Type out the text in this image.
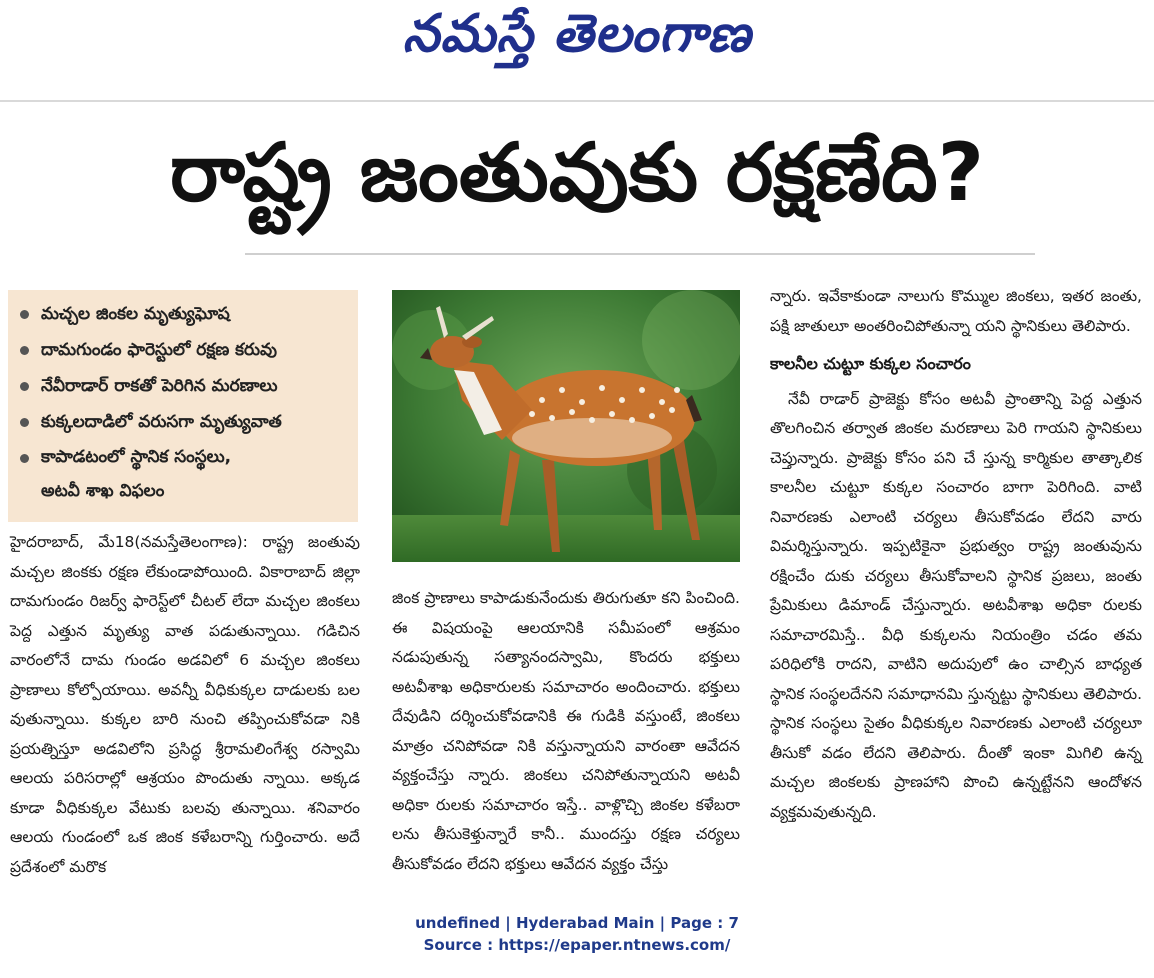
నమస్తే తెలంగాణ
రాష్ట్ర జంతువుకు రక్షణేది?
మచ్చల జింకల మృత్యుఘోష
దామగుండం ఫారెస్టులో రక్షణ కరువు
నేవీరాడార్ రాకతో పెరిగిన మరణాలు
కుక్కలదాడిలో వరుసగా మృత్యువాత
కాపాడటంలో స్థానిక సంస్థలు,
అటవీ శాఖ విఫలం

హైదరాబాద్, మే18(నమస్తేతెలంగాణ): రాష్ట్ర జంతువు మచ్చల జింకకు రక్షణ లేకుండాపోయింది. వికారాబాద్ జిల్లా దామగుండం రిజర్వ్ ఫారెస్ట్‌లో చీటల్ లేదా మచ్చల జింకలు పెద్ద ఎత్తున మృత్యు వాత పడుతున్నాయి. గడిచిన వారంలోనే దామ గుండం అడవిలో 6 మచ్చల జింకలు ప్రాణాలు కోల్పోయాయి. అవన్నీ వీధికుక్కల దాడులకు బల వుతున్నాయి. కుక్కల బారి నుంచి తప్పించుకోవడా నికి ప్రయత్నిస్తూ అడవిలోని ప్రసిద్ధ శ్రీరామలింగేశ్వ రస్వామి ఆలయ పరిసరాల్లో ఆశ్రయం పొందుతు న్నాయి. అక్కడ కూడా వీధికుక్కల వేటుకు బలవు తున్నాయి. శనివారం ఆలయ గుండంలో ఒక జింక కళేబరాన్ని గుర్తించారు. అదే ప్రదేశంలో మరొక

జింక ప్రాణాలు కాపాడుకునేందుకు తిరుగుతూ కని పించింది. ఈ విషయంపై ఆలయానికి సమీపంలో ఆశ్రమం నడుపుతున్న సత్యానందస్వామి, కొందరు భక్తులు అటవీశాఖ అధికారులకు సమాచారం అందించారు. భక్తులు దేవుడిని దర్శించుకోవడానికి ఈ గుడికి వస్తుంటే, జింకలు మాత్రం చనిపోవడా నికి వస్తున్నాయని వారంతా ఆవేదన వ్యక్తంచేస్తు న్నారు. జింకలు చనిపోతున్నాయని అటవీ అధికా రులకు సమాచారం ఇస్తే.. వాళ్లొచ్చి జింకల కళేబరా లను తీసుకెళ్తున్నారే కానీ.. ముందస్తు రక్షణ చర్యలు తీసుకోవడం లేదని భక్తులు ఆవేదన వ్యక్తం చేస్తు

న్నారు. ఇవేకాకుండా నాలుగు కొమ్ముల జింకలు, ఇతర జంతు, పక్షి జాతులూ అంతరించిపోతున్నా యని స్థానికులు తెలిపారు.

కాలనీల చుట్టూ కుక్కల సంచారం

నేవీ రాడార్ ప్రాజెక్టు కోసం అటవీ ప్రాంతాన్ని పెద్ద ఎత్తున తొలగించిన తర్వాత జింకల మరణాలు పెరి గాయని స్థానికులు చెప్తున్నారు. ప్రాజెక్టు కోసం పని చే స్తున్న కార్మికుల తాత్కాలిక కాలనీల చుట్టూ కుక్కల సంచారం బాగా పెరిగింది. వాటి నివారణకు ఎలాంటి చర్యలు తీసుకోవడం లేదని వారు విమర్శిస్తున్నారు. ఇప్పటికైనా ప్రభుత్వం రాష్ట్ర జంతువును రక్షించేం దుకు చర్యలు తీసుకోవాలని స్థానిక ప్రజలు, జంతు ప్రేమికులు డిమాండ్ చేస్తున్నారు. అటవీశాఖ అధికా రులకు సమాచారమిస్తే.. వీధి కుక్కలను నియంత్రిం చడం తమ పరిధిలోకి రాదని, వాటిని అదుపులో ఉం చాల్సిన బాధ్యత స్థానిక సంస్థలదేనని సమాధానమి స్తున్నట్టు స్థానికులు తెలిపారు. స్థానిక సంస్థలు సైతం వీధికుక్కల నివారణకు ఎలాంటి చర్యలూ తీసుకో వడం లేదని తెలిపారు. దీంతో ఇంకా మిగిలి ఉన్న మచ్చల జింకలకు ప్రాణహాని పొంచి ఉన్నట్టేనని ఆందోళన వ్యక్తమవుతున్నది.

undefined | Hyderabad Main | Page : 7
Source : https://epaper.ntnews.com/
